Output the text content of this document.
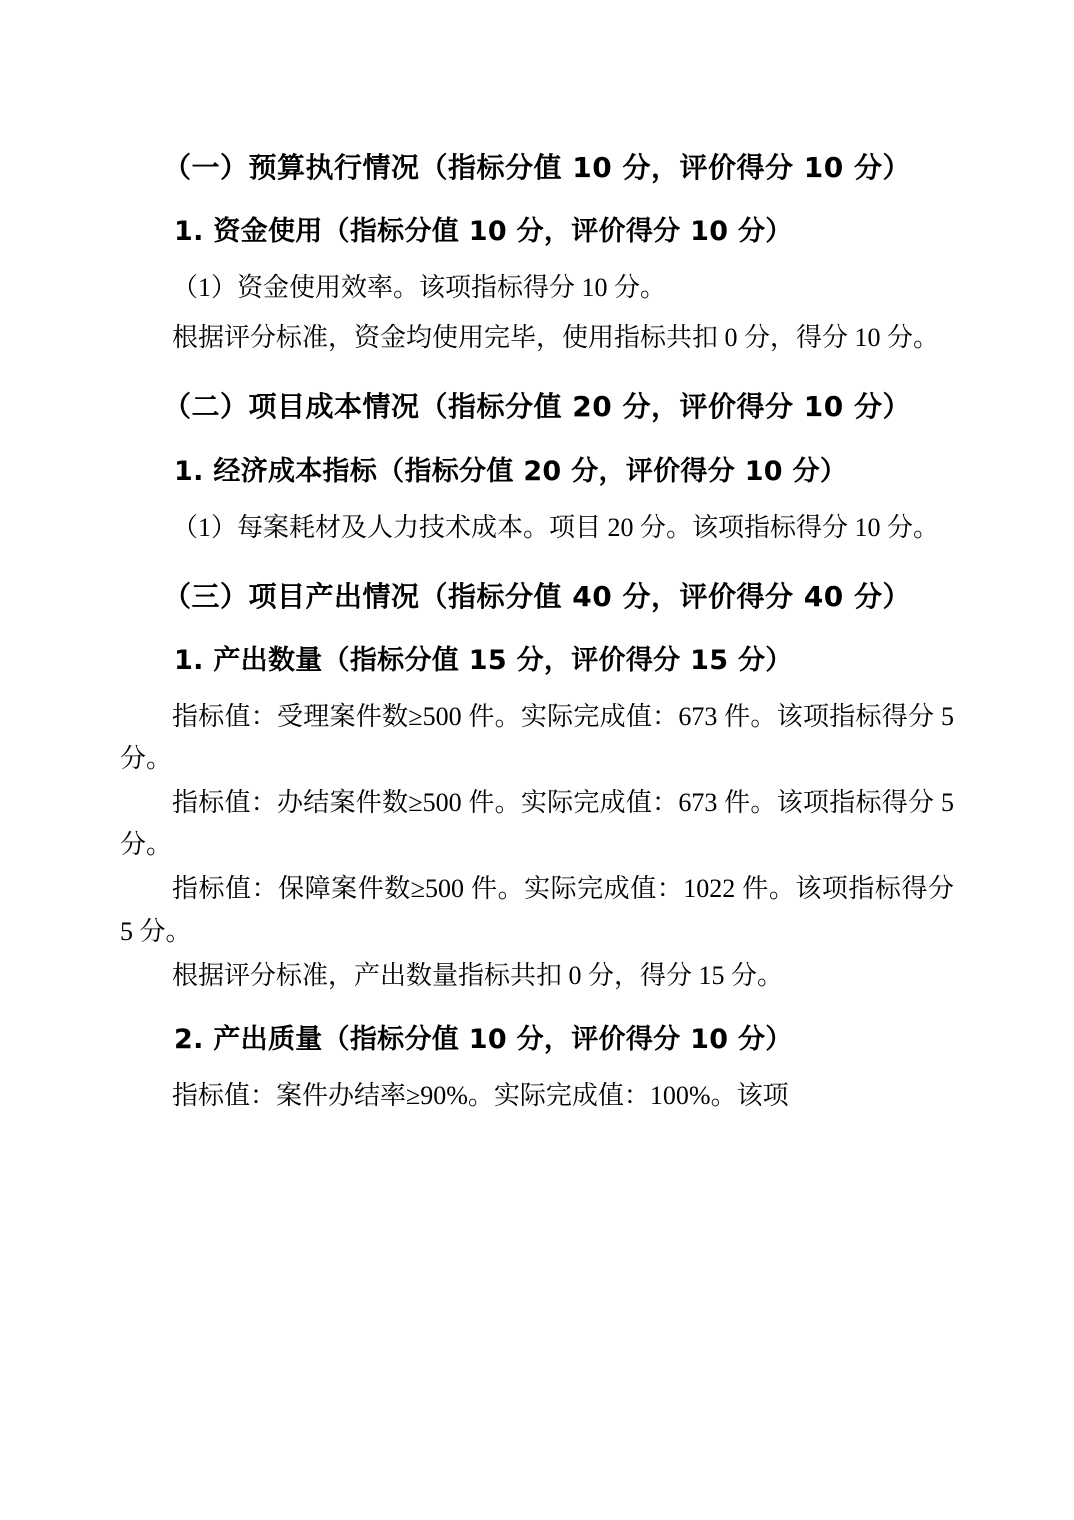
（一）预算执行情况（指标分值 10 分，评价得分 10 分）
1. 资金使用（指标分值 10 分，评价得分 10 分）

（1）资金使用效率。该项指标得分 10 分。

根据评分标准，资金均使用完毕，使用指标共扣 0 分，得分 10 分。

（二）项目成本情况（指标分值 20 分，评价得分 10 分）
1. 经济成本指标（指标分值 20 分，评价得分 10 分）

（1）每案耗材及人力技术成本。项目 20 分。该项指标得分 10 分。

（三）项目产出情况（指标分值 40 分，评价得分 40 分）
1. 产出数量（指标分值 15 分，评价得分 15 分）

指标值：受理案件数≥500 件。实际完成值：673 件。该项指标得分 5 分。

指标值：办结案件数≥500 件。实际完成值：673 件。该项指标得分 5 分。

指标值：保障案件数≥500 件。实际完成值：1022 件。该项指标得分 5 分。

根据评分标准，产出数量指标共扣 0 分，得分 15 分。

2. 产出质量（指标分值 10 分，评价得分 10 分）

指标值：案件办结率≥90%。实际完成值：100%。该项
